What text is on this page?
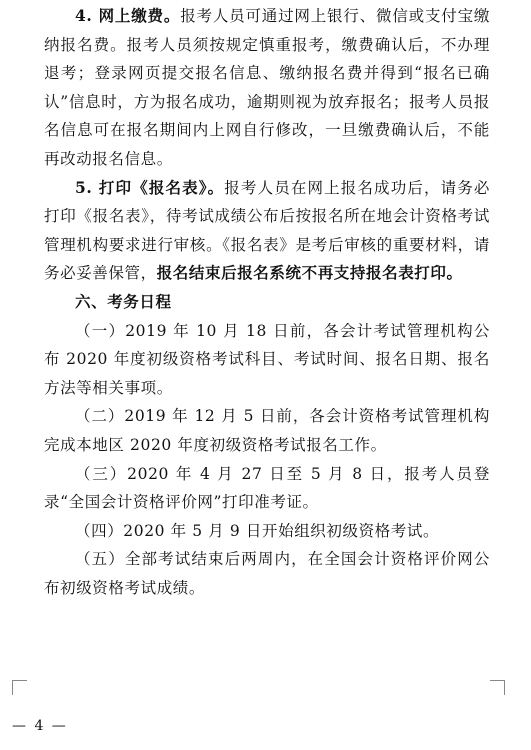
4. 网上缴费。报考人员可通过网上银行、微信或支付宝缴纳报名费。报考人员须按规定慎重报考，缴费确认后，不办理退考；登录网页提交报名信息、缴纳报名费并得到“报名已确认”信息时，方为报名成功，逾期则视为放弃报名；报考人员报名信息可在报名期间内上网自行修改，一旦缴费确认后，不能再改动报名信息。

5. 打印《报名表》。报考人员在网上报名成功后，请务必打印《报名表》，待考试成绩公布后按报名所在地会计资格考试管理机构要求进行审核。《报名表》是考后审核的重要材料，请务必妥善保管，报名结束后报名系统不再支持报名表打印。

六、考务日程

（一）2019 年 10 月 18 日前，各会计考试管理机构公布 2020 年度初级资格考试科目、考试时间、报名日期、报名方法等相关事项。

（二）2019 年 12 月 5 日前，各会计资格考试管理机构完成本地区 2020 年度初级资格考试报名工作。

（三）2020 年 4 月 27 日至 5 月 8 日，报考人员登录“全国会计资格评价网”打印准考证。

（四）2020 年 5 月 9 日开始组织初级资格考试。

（五）全部考试结束后两周内，在全国会计资格评价网公布初级资格考试成绩。

— 4 —
